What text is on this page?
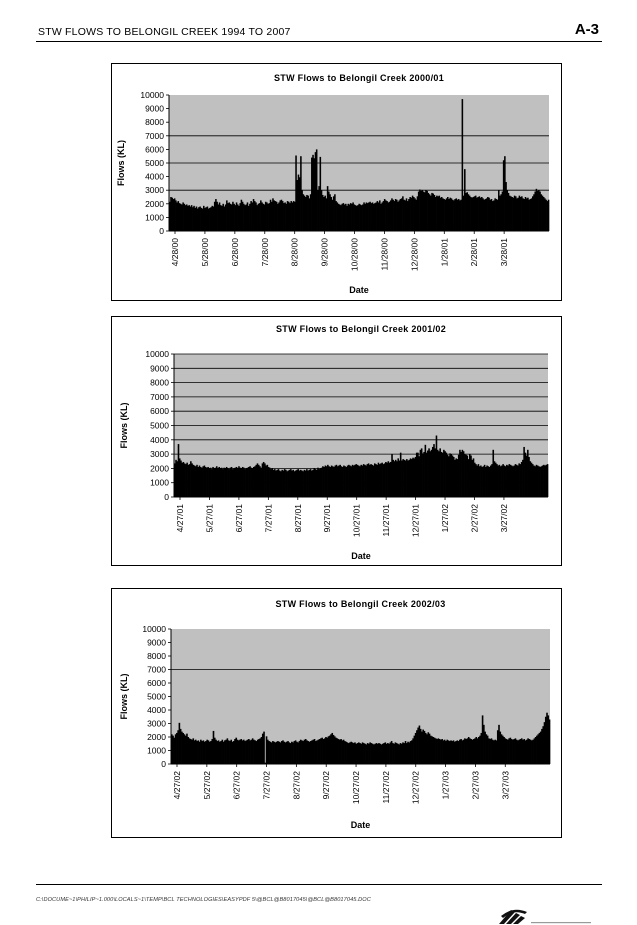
STW FLOWS TO BELONGIL CREEK 1994 TO 2007	A-3
STW Flows to Belongil Creek 2000/01
0
1000
2000
3000
4000
5000
6000
7000
8000
9000
10000
4/28/00 5/28/00 6/28/00 7/28/00 8/28/00 9/28/00 10/28/00 11/28/00 12/28/00 1/28/01 2/28/01 3/28/01
Flows (KL)
Date
STW Flows to Belongil Creek 2001/02
0
1000
2000
3000
4000
5000
6000
7000
8000
9000
10000
4/27/01 5/27/01 6/27/01 7/27/01 8/27/01 9/27/01 10/27/01 11/27/01 12/27/01 1/27/02 2/27/02 3/27/02
Flows (KL)
Date
STW Flows to Belongil Creek 2002/03
0
1000
2000
3000
4000
5000
6000
7000
8000
9000
10000
4/27/02 5/27/02 6/27/02 7/27/02 8/27/02 9/27/02 10/27/02 11/27/02 12/27/02 1/27/03 2/27/03 3/27/03
Flows (KL)
Date
C:\DOCUME~1\PHILIP~1.000\LOCALS~1\TEMP\BCL TECHNOLOGIES\EASYPDF 5\@BCL@B8017045\@BCL@B8017045.DOC
